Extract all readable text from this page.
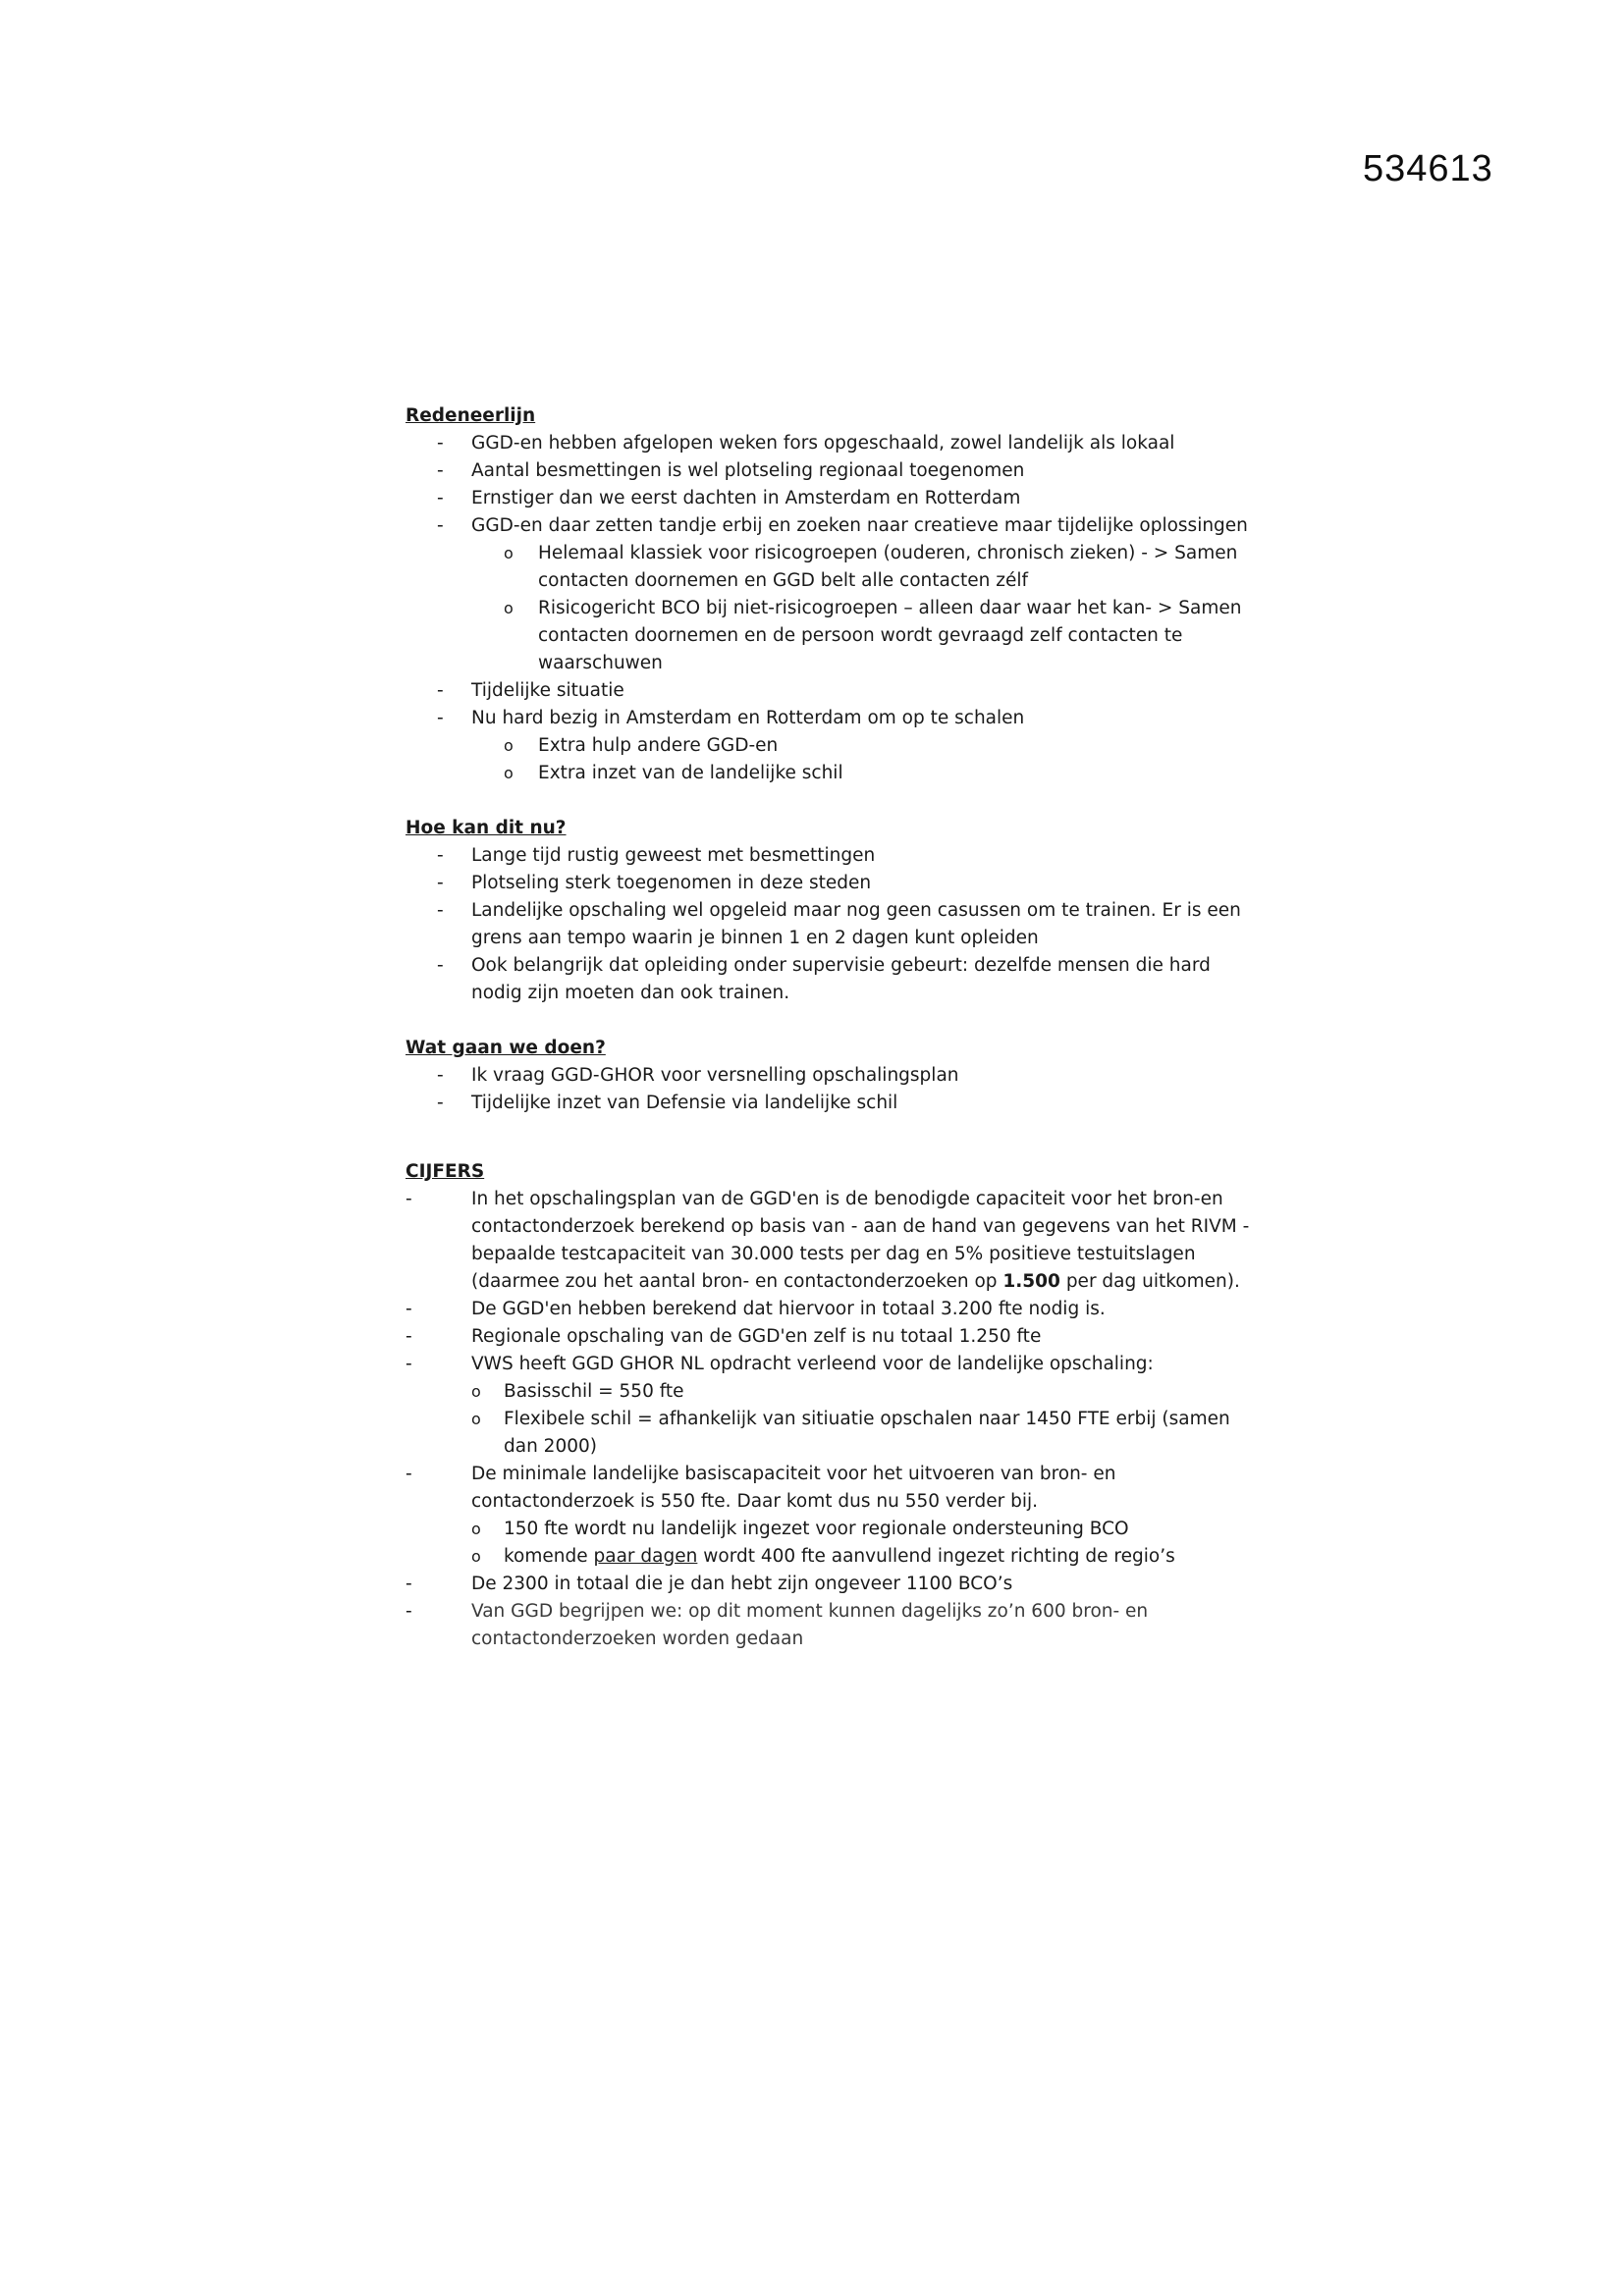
534613
Redeneerlijn
- GGD-en hebben afgelopen weken fors opgeschaald, zowel landelijk als lokaal
- Aantal besmettingen is wel plotseling regionaal toegenomen
- Ernstiger dan we eerst dachten in Amsterdam en Rotterdam
- GGD-en daar zetten tandje erbij en zoeken naar creatieve maar tijdelijke oplossingen
o Helemaal klassiek voor risicogroepen (ouderen, chronisch zieken) - > Samen contacten doornemen en GGD belt alle contacten zélf
o Risicogericht BCO bij niet-risicogroepen – alleen daar waar het kan- > Samen contacten doornemen en de persoon wordt gevraagd zelf contacten te waarschuwen
- Tijdelijke situatie
- Nu hard bezig in Amsterdam en Rotterdam om op te schalen
o Extra hulp andere GGD-en
o Extra inzet van de landelijke schil
Hoe kan dit nu?
- Lange tijd rustig geweest met besmettingen
- Plotseling sterk toegenomen in deze steden
- Landelijke opschaling wel opgeleid maar nog geen casussen om te trainen. Er is een grens aan tempo waarin je binnen 1 en 2 dagen kunt opleiden
- Ook belangrijk dat opleiding onder supervisie gebeurt: dezelfde mensen die hard nodig zijn moeten dan ook trainen.
Wat gaan we doen?
- Ik vraag GGD-GHOR voor versnelling opschalingsplan
- Tijdelijke inzet van Defensie via landelijke schil
CIJFERS
-	In het opschalingsplan van de GGD'en is de benodigde capaciteit voor het bron-en contactonderzoek berekend op basis van - aan de hand van gegevens van het RIVM - bepaalde testcapaciteit van 30.000 tests per dag en 5% positieve testuitslagen (daarmee zou het aantal bron- en contactonderzoeken op 1.500 per dag uitkomen).
-	De GGD'en hebben berekend dat hiervoor in totaal 3.200 fte nodig is.
-	Regionale opschaling van de GGD'en zelf is nu totaal 1.250 fte
-	VWS heeft GGD GHOR NL opdracht verleend voor de landelijke opschaling:
o Basisschil = 550 fte
o Flexibele schil = afhankelijk van sitiuatie opschalen naar 1450 FTE erbij (samen dan 2000)
-	De minimale landelijke basiscapaciteit voor het uitvoeren van bron- en contactonderzoek is 550 fte. Daar komt dus nu 550 verder bij.
o 150 fte wordt nu landelijk ingezet voor regionale ondersteuning BCO
o komende paar dagen wordt 400 fte aanvullend ingezet richting de regio’s
-	De 2300 in totaal die je dan hebt zijn ongeveer 1100 BCO’s
-	Van GGD begrijpen we: op dit moment kunnen dagelijks zo’n 600 bron- en contactonderzoeken worden gedaan
